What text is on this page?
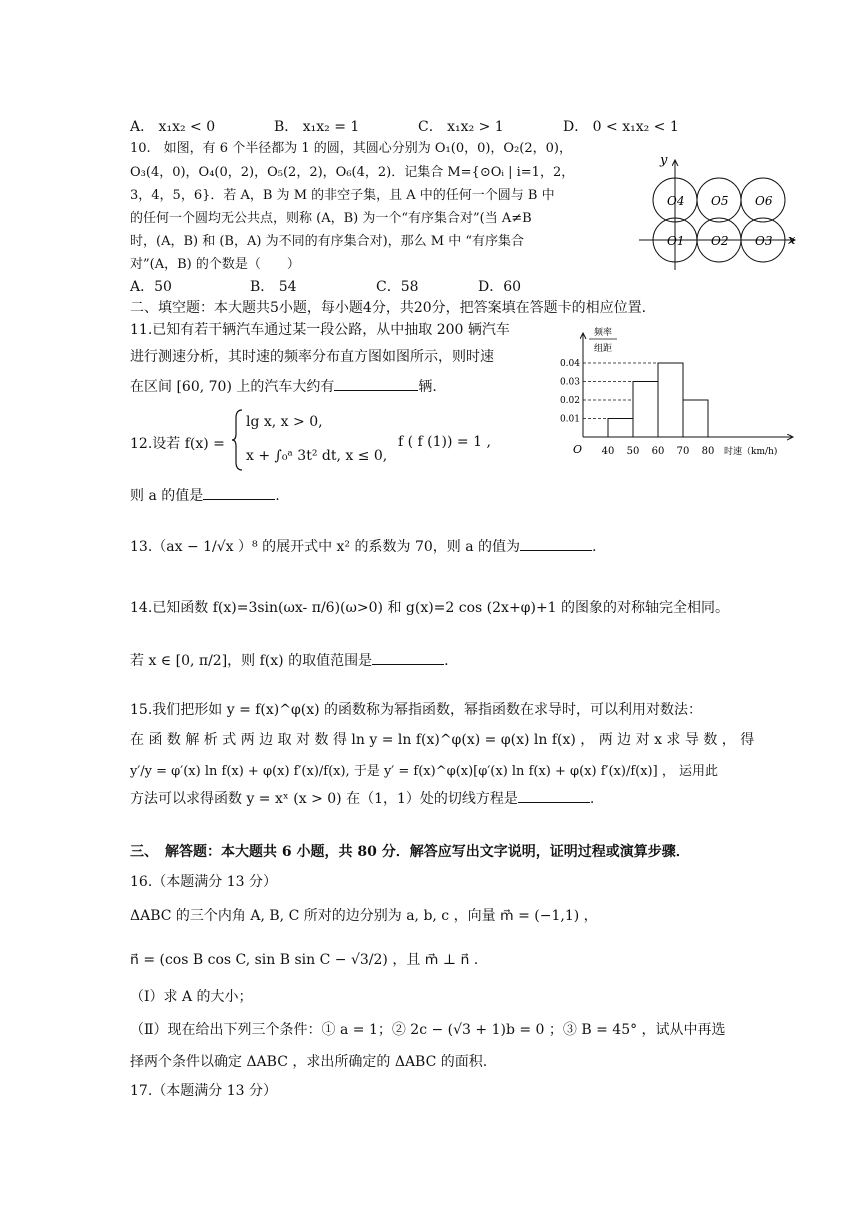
A． x₁x₂ < 0	B． x₁x₂ = 1	C． x₁x₂ > 1	D． 0 < x₁x₂ < 1
10.　如图，有 6 个半径都为 1 的圆，其圆心分别为 O₁(0，0)，O₂(2，0)，
O₃(4，0)，O₄(0，2)，O₅(2，2)，O₆(4，2)．记集合 M={⊙Oᵢ | i=1，2，
3，4，5，6}．若 A，B 为 M 的非空子集，且 A 中的任何一个圆与 B 中
的任何一个圆均无公共点，则称 (A，B) 为一个“有序集合对”(当 A≠B
时，(A，B) 和 (B，A) 为不同的有序集合对)，那么 M 中 “有序集合
对”(A，B) 的个数是（　　）
A．50	B． 54	C．58	D．60
x
y
O1 O2 O3
O4 O5 O6
二、填空题：本大题共5小题，每小题4分，共20分，把答案填在答题卡的相应位置.
11.已知有若干辆汽车通过某一段公路，从中抽取 200 辆汽车
进行测速分析，其时速的频率分布直方图如图所示，则时速
在区间 [60, 70) 上的汽车大约有	辆.
频率
组距
O
0.01
0.02
0.03
0.04
40 50 60 70 80 时速（km/h)
12.设若 f(x) =
lg x, x > 0,
x + ∫₀ᵃ 3t² dt, x ≤ 0,
f ( f (1)) = 1 ,
则 a 的值是	.
13.（ax − 1/√x ）⁸ 的展开式中 x² 的系数为 70，则 a 的值为	.
14.已知函数 f(x)=3sin(ωx- π/6)(ω>0) 和 g(x)=2 cos (2x+φ)+1 的图象的对称轴完全相同。
若 x ∈ [0, π/2]，则 f(x) 的取值范围是	.
15.我们把形如 y = f(x)^φ(x) 的函数称为幂指函数，幂指函数在求导时，可以利用对数法：
在 函 数 解 析 式 两 边 取 对 数 得 ln y = ln f(x)^φ(x) = φ(x) ln f(x) ， 两 边 对 x 求 导 数 ， 得
y′/y = φ′(x) ln f(x) + φ(x) f′(x)/f(x), 于是 y′ = f(x)^φ(x)[φ′(x) ln f(x) + φ(x) f′(x)/f(x)] ， 运用此
方法可以求得函数 y = xˣ (x > 0) 在（1，1）处的切线方程是	.
三、　解答题：本大题共 6 小题，共 80 分．解答应写出文字说明，证明过程或演算步骤．
16.（本题满分 13 分）
ΔABC 的三个内角 A, B, C 所对的边分别为 a, b, c ，向量 m⃗ = (−1,1) ，
n⃗ = (cos B cos C, sin B sin C − √3/2) ，且 m⃗ ⊥ n⃗ .
（Ⅰ）求 A 的大小；
（Ⅱ）现在给出下列三个条件：① a = 1；② 2c − (√3 + 1)b = 0 ；③ B = 45° ，试从中再选
择两个条件以确定 ΔABC ，求出所确定的 ΔABC 的面积.
17.（本题满分 13 分）
